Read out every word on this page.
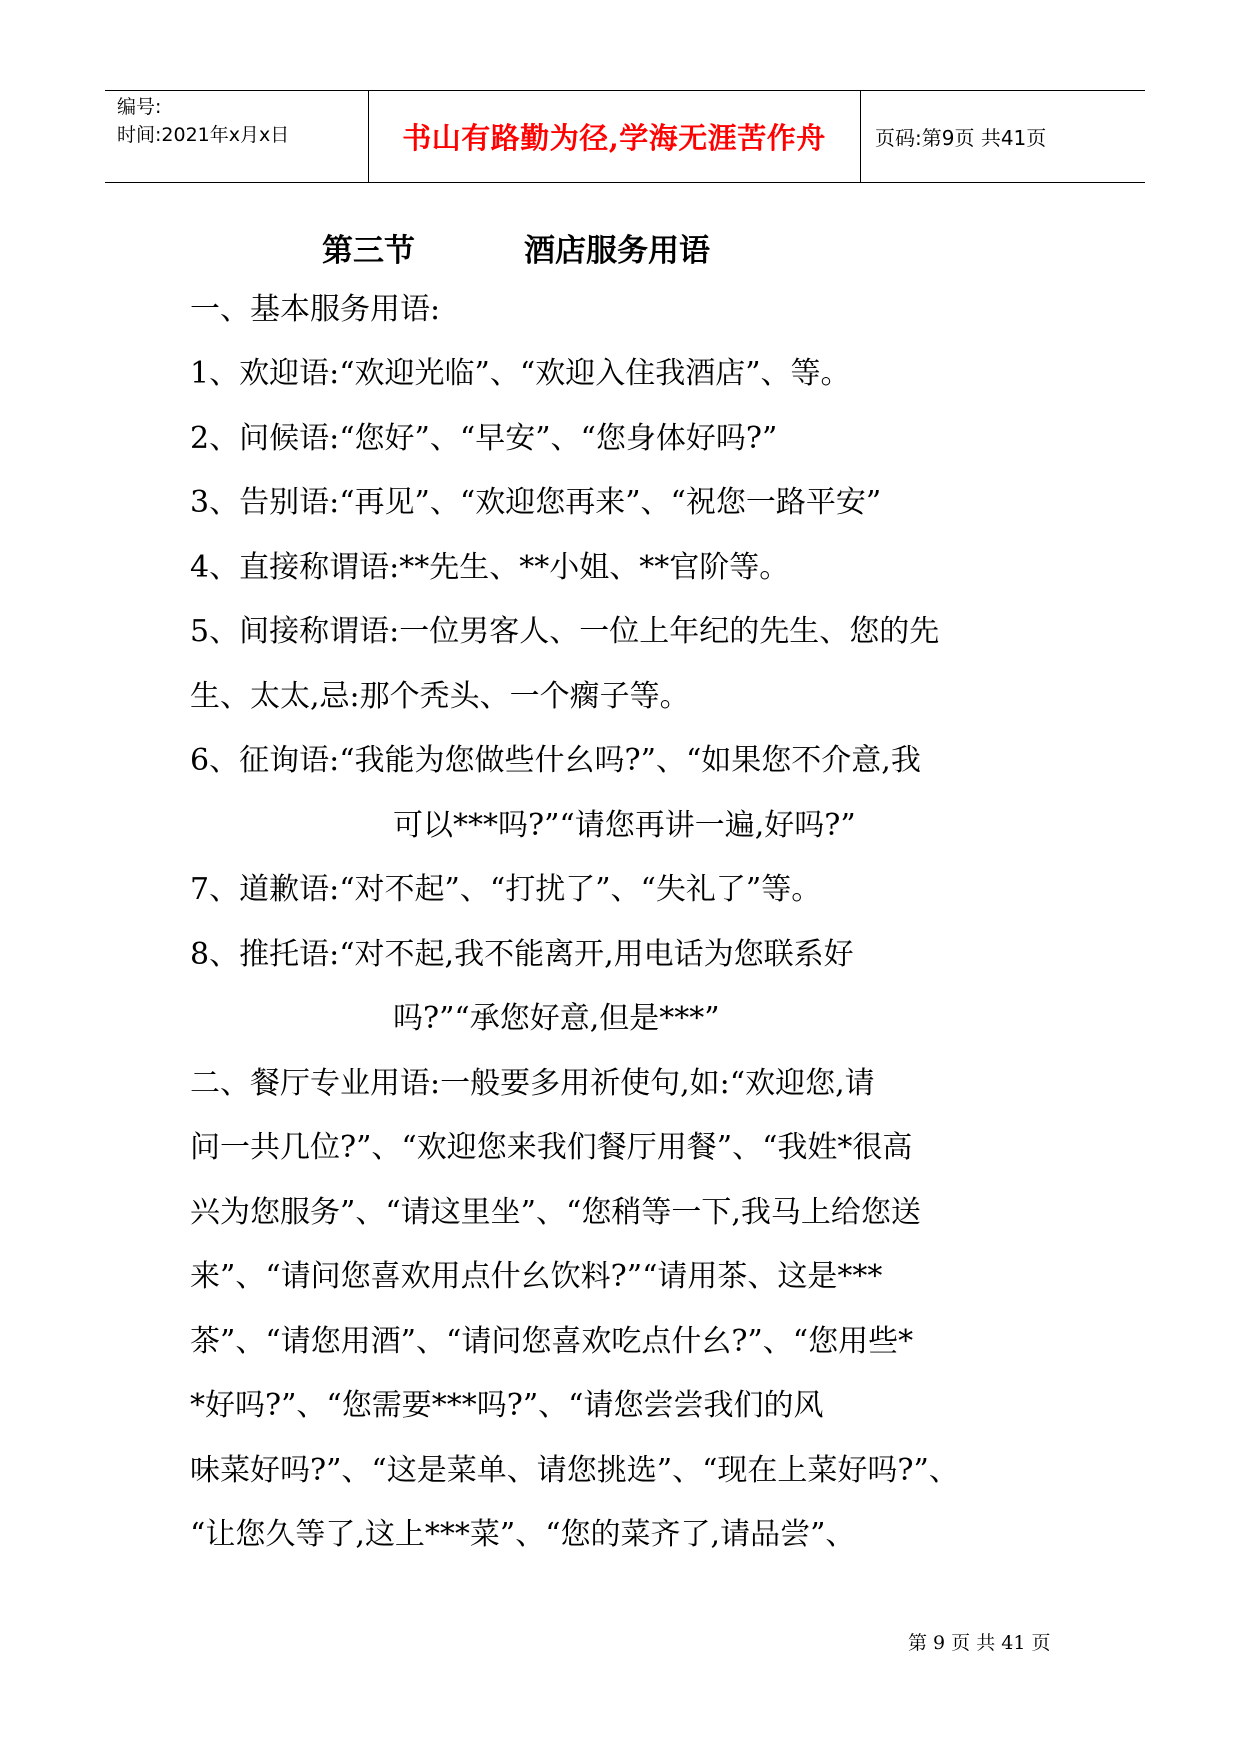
编号:
时间:2021年x月x日	书山有路勤为径,学海无涯苦作舟	页码:第9页 共41页
第三节	酒店服务用语
一、基本服务用语:
1、欢迎语:“欢迎光临”、“欢迎入住我酒店”、等。
2、问候语:“您好”、“早安”、“您身体好吗?”
3、告别语:“再见”、“欢迎您再来”、“祝您一路平安”
4、直接称谓语:**先生、**小姐、**官阶等。
5、间接称谓语:一位男客人、一位上年纪的先生、您的先
生、太太,忌:那个秃头、一个瘸子等。
6、征询语:“我能为您做些什幺吗?”、“如果您不介意,我
可以***吗?”“请您再讲一遍,好吗?”
7、道歉语:“对不起”、“打扰了”、“失礼了”等。
8、推托语:“对不起,我不能离开,用电话为您联系好
吗?”“承您好意,但是***”
二、餐厅专业用语:一般要多用祈使句,如:“欢迎您,请
问一共几位?”、“欢迎您来我们餐厅用餐”、“我姓*很高
兴为您服务”、“请这里坐”、“您稍等一下,我马上给您送
来”、“请问您喜欢用点什幺饮料?”“请用茶、这是***
茶”、“请您用酒”、“请问您喜欢吃点什幺?”、“您用些*
*好吗?”、“您需要***吗?”、“请您尝尝我们的风
味菜好吗?”、“这是菜单、请您挑选”、“现在上菜好吗?”、
“让您久等了,这上***菜”、“您的菜齐了,请品尝”、
第 9 页 共 41 页
